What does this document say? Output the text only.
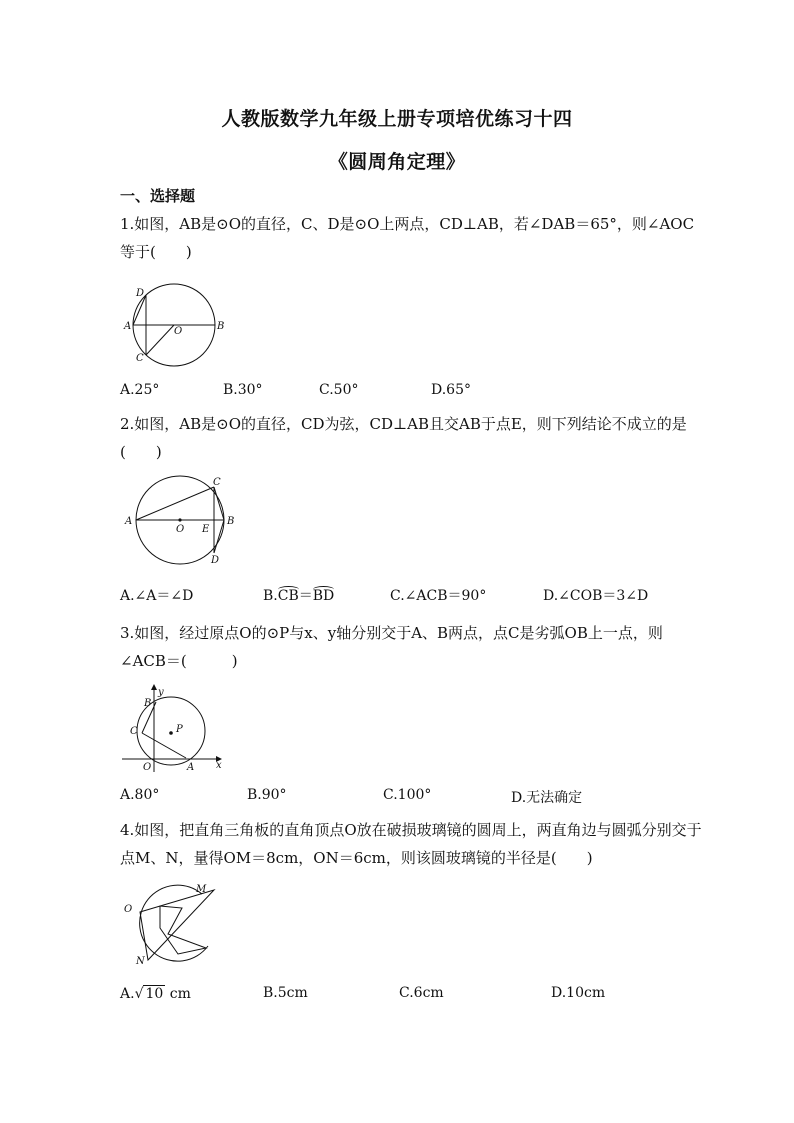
人教版数学九年级上册专项培优练习十四
《圆周角定理》
一、选择题
1.如图，AB是⊙O的直径，C、D是⊙O上两点，CD⊥AB，若∠DAB＝65°，则∠AOC等于(　　)
D
A
C
O	B
A.25°	B.30°	C.50°	D.65°
2.如图，AB是⊙O的直径，CD为弦，CD⊥AB且交AB于点E，则下列结论不成立的是(　　)
A
O E
B
C
D
A.∠A＝∠D	B.CB＝BD	C.∠ACB＝90°	D.∠COB＝3∠D
3.如图，经过原点O的⊙P与x、y轴分别交于A、B两点，点C是劣弧OB上一点，则∠ACB＝(　　　)
y
x
B
C	P
O	A
A.80°	B.90°	C.100°	D.无法确定
4.如图，把直角三角板的直角顶点O放在破损玻璃镜的圆周上，两直角边与圆弧分别交于点M、N，量得OM＝8cm，ON＝6cm，则该圆玻璃镜的半径是(　　)
O
M
N
A.√ 10 cm	B.5cm	C.6cm	D.10cm
